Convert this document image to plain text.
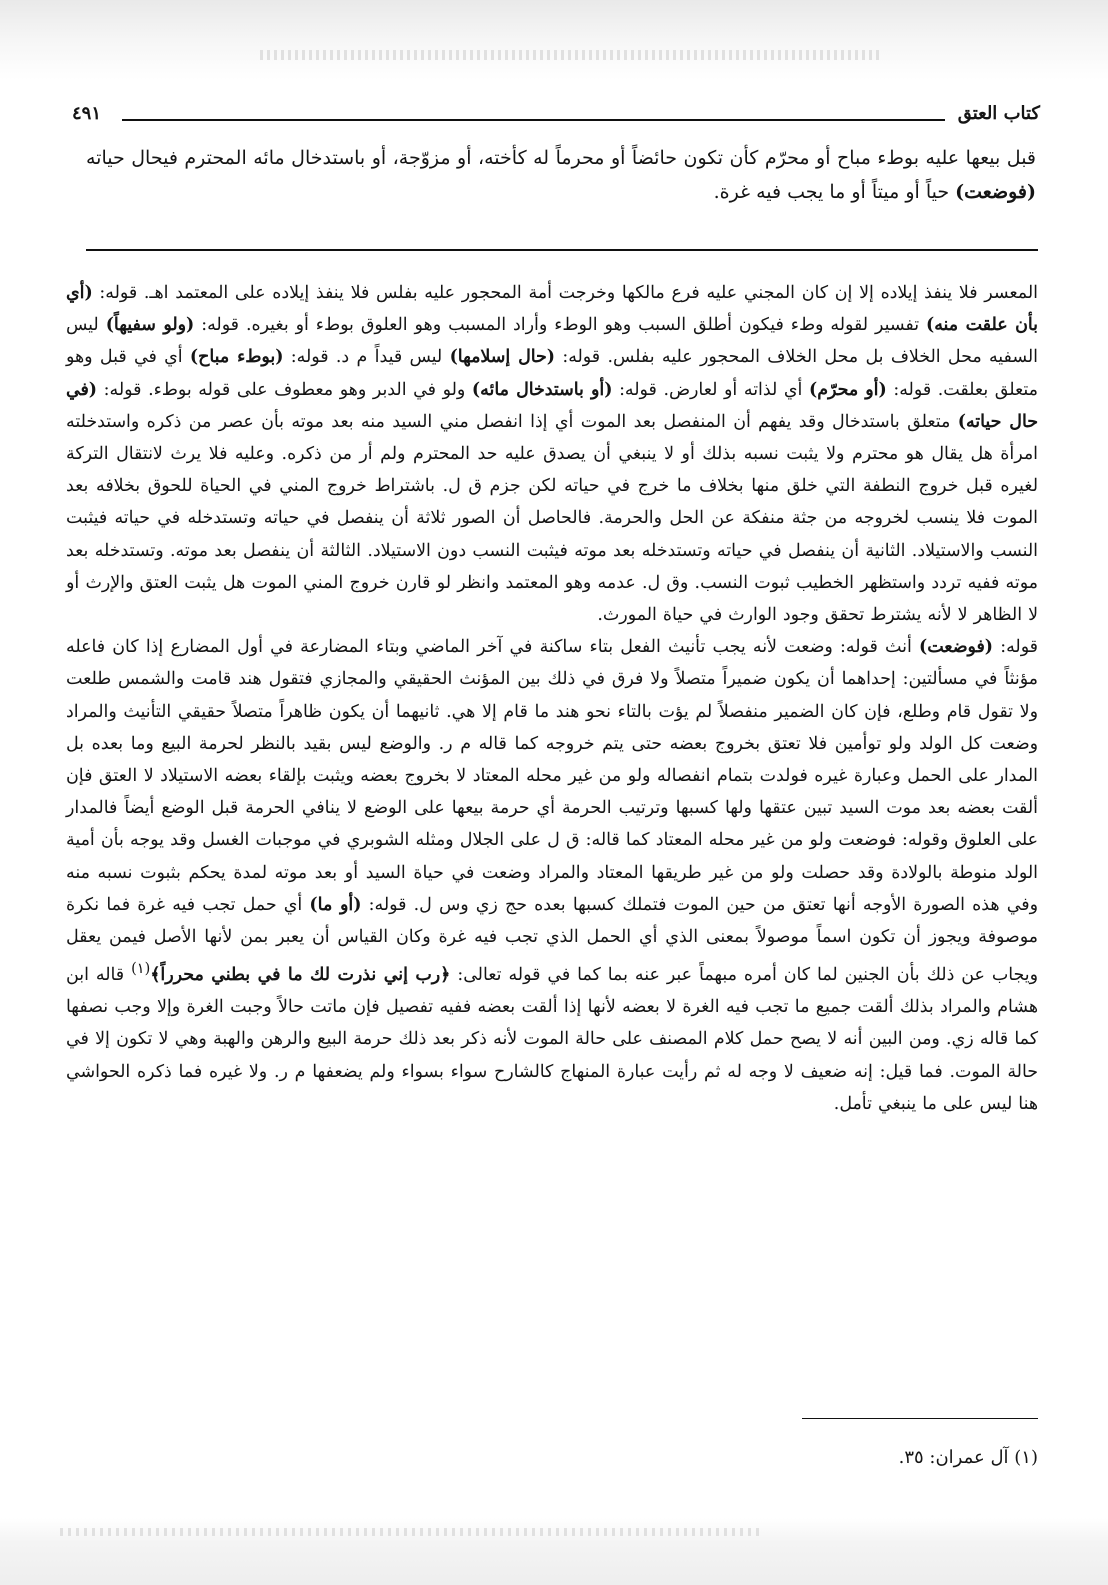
كتاب العتق
٤٩١
قبل بيعها عليه بوطء مباح أو محرّم كأن تكون حائضاً أو محرماً له كأخته، أو مزوّجة، أو باستدخال مائه المحترم فيحال حياته (فوضعت) حياً أو ميتاً أو ما يجب فيه غرة.

المعسر فلا ينفذ إيلاده إلا إن كان المجني عليه فرع مالكها وخرجت أمة المحجور عليه بفلس فلا ينفذ إيلاده على المعتمد اهـ. قوله: (أي بأن علقت منه) تفسير لقوله وطء فيكون أطلق السبب وهو الوطء وأراد المسبب وهو العلوق بوطء أو بغيره. قوله: (ولو سفيهاً) ليس السفيه محل الخلاف بل محل الخلاف المحجور عليه بفلس. قوله: (حال إسلامها) ليس قيداً م د. قوله: (بوطء مباح) أي في قبل وهو متعلق بعلقت. قوله: (أو محرّم) أي لذاته أو لعارض. قوله: (أو باستدخال مائه) ولو في الدبر وهو معطوف على قوله بوطء. قوله: (في حال حياته) متعلق باستدخال وقد يفهم أن المنفصل بعد الموت أي إذا انفصل مني السيد منه بعد موته بأن عصر من ذكره واستدخلته امرأة هل يقال هو محترم ولا يثبت نسبه بذلك أو لا ينبغي أن يصدق عليه حد المحترم ولم أر من ذكره. وعليه فلا يرث لانتقال التركة لغيره قبل خروج النطفة التي خلق منها بخلاف ما خرج في حياته لكن جزم ق ل. باشتراط خروج المني في الحياة للحوق بخلافه بعد الموت فلا ينسب لخروجه من جثة منفكة عن الحل والحرمة. فالحاصل أن الصور ثلاثة أن ينفصل في حياته وتستدخله في حياته فيثبت النسب والاستيلاد. الثانية أن ينفصل في حياته وتستدخله بعد موته فيثبت النسب دون الاستيلاد. الثالثة أن ينفصل بعد موته. وتستدخله بعد موته ففيه تردد واستظهر الخطيب ثبوت النسب. وق ل. عدمه وهو المعتمد وانظر لو قارن خروج المني الموت هل يثبت العتق والإرث أو لا الظاهر لا لأنه يشترط تحقق وجود الوارث في حياة المورث.

قوله: (فوضعت) أنث قوله: وضعت لأنه يجب تأنيث الفعل بتاء ساكنة في آخر الماضي وبتاء المضارعة في أول المضارع إذا كان فاعله مؤنثاً في مسألتين: إحداهما أن يكون ضميراً متصلاً ولا فرق في ذلك بين المؤنث الحقيقي والمجازي فتقول هند قامت والشمس طلعت ولا تقول قام وطلع، فإن كان الضمير منفصلاً لم يؤت بالتاء نحو هند ما قام إلا هي. ثانيهما أن يكون ظاهراً متصلاً حقيقي التأنيث والمراد وضعت كل الولد ولو توأمين فلا تعتق بخروج بعضه حتى يتم خروجه كما قاله م ر. والوضع ليس بقيد بالنظر لحرمة البيع وما بعده بل المدار على الحمل وعبارة غيره فولدت بتمام انفصاله ولو من غير محله المعتاد لا بخروج بعضه ويثبت بإلقاء بعضه الاستيلاد لا العتق فإن ألقت بعضه بعد موت السيد تبين عتقها ولها كسبها وترتيب الحرمة أي حرمة بيعها على الوضع لا ينافي الحرمة قبل الوضع أيضاً فالمدار على العلوق وقوله: فوضعت ولو من غير محله المعتاد كما قاله: ق ل على الجلال ومثله الشوبري في موجبات الغسل وقد يوجه بأن أمية الولد منوطة بالولادة وقد حصلت ولو من غير طريقها المعتاد والمراد وضعت في حياة السيد أو بعد موته لمدة يحكم بثبوت نسبه منه وفي هذه الصورة الأوجه أنها تعتق من حين الموت فتملك كسبها بعده حج زي وس ل. قوله: (أو ما) أي حمل تجب فيه غرة فما نكرة موصوفة ويجوز أن تكون اسماً موصولاً بمعنى الذي أي الحمل الذي تجب فيه غرة وكان القياس أن يعبر بمن لأنها الأصل فيمن يعقل ويجاب عن ذلك بأن الجنين لما كان أمره مبهماً عبر عنه بما كما في قوله تعالى: ﴿رب إني نذرت لك ما في بطني محرراً﴾$^{(١)}$ قاله ابن هشام والمراد بذلك ألقت جميع ما تجب فيه الغرة لا بعضه لأنها إذا ألقت بعضه ففيه تفصيل فإن ماتت حالاً وجبت الغرة وإلا وجب نصفها كما قاله زي. ومن البين أنه لا يصح حمل كلام المصنف على حالة الموت لأنه ذكر بعد ذلك حرمة البيع والرهن والهبة وهي لا تكون إلا في حالة الموت. فما قيل: إنه ضعيف لا وجه له ثم رأيت عبارة المنهاج كالشارح سواء بسواء ولم يضعفها م ر. ولا غيره فما ذكره الحواشي هنا ليس على ما ينبغي تأمل.

(١) آل عمران: ٣٥.
